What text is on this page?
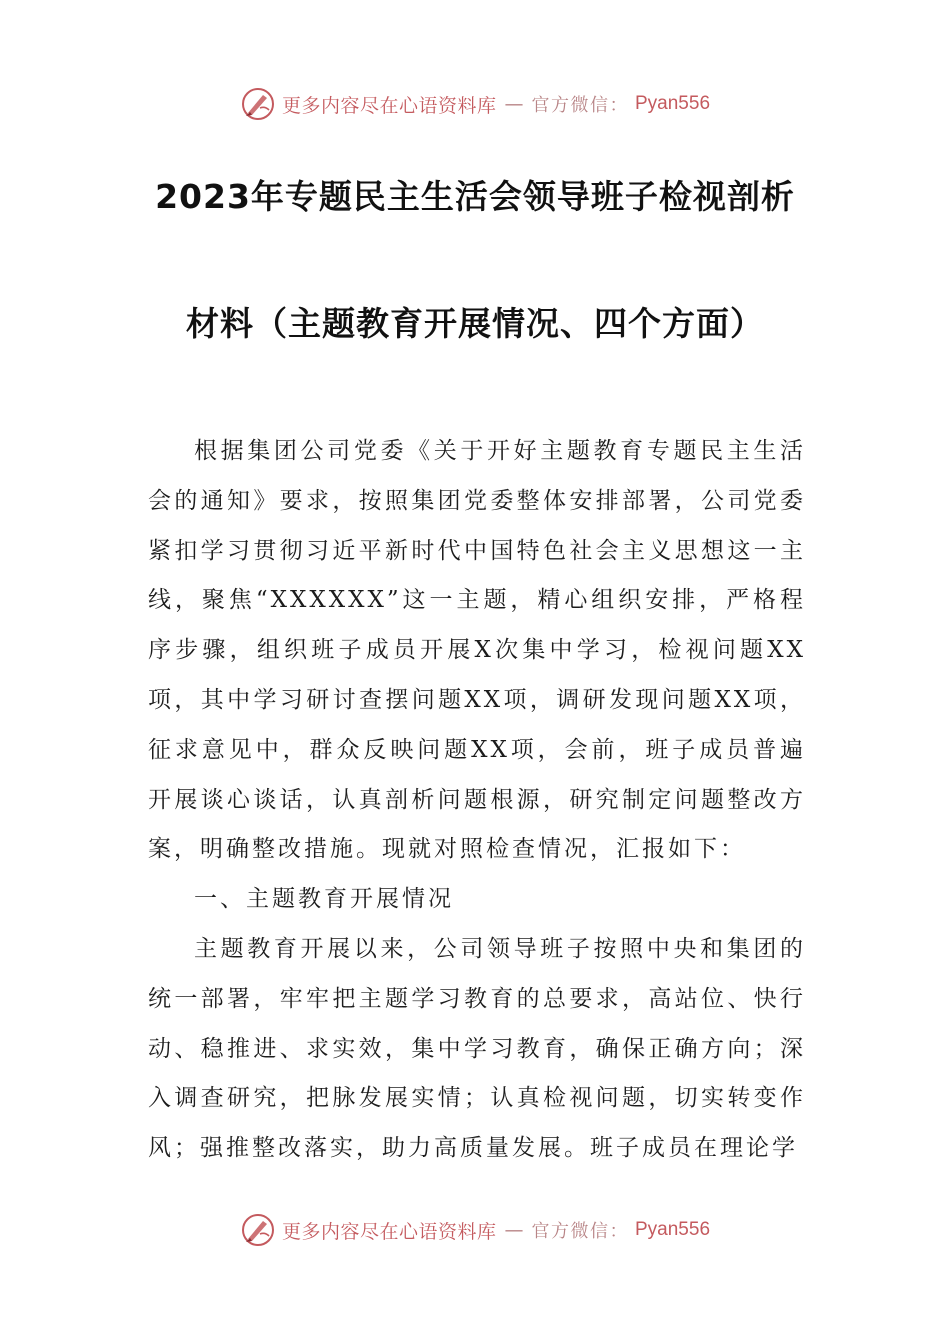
更多内容尽在心语资料库 — 官方微信： Pyan556
2023年专题民主生活会领导班子检视剖析
材料（主题教育开展情况、四个方面）

根据集团公司党委《关于开好主题教育专题民主生活会的通知》要求，按照集团党委整体安排部署，公司党委紧扣学习贯彻习近平新时代中国特色社会主义思想这一主线，聚焦“XXXXXX”这一主题，精心组织安排，严格程序步骤，组织班子成员开展X次集中学习，检视问题XX项，其中学习研讨查摆问题XX项，调研发现问题XX项，征求意见中，群众反映问题XX项，会前，班子成员普遍开展谈心谈话，认真剖析问题根源，研究制定问题整改方案，明确整改措施。现就对照检查情况，汇报如下：

一、主题教育开展情况

主题教育开展以来，公司领导班子按照中央和集团的统一部署，牢牢把主题学习教育的总要求，高站位、快行动、稳推进、求实效，集中学习教育，确保正确方向；深入调查研究，把脉发展实情；认真检视问题，切实转变作风；强推整改落实，助力高质量发展。班子成员在理论学

更多内容尽在心语资料库 — 官方微信： Pyan556
